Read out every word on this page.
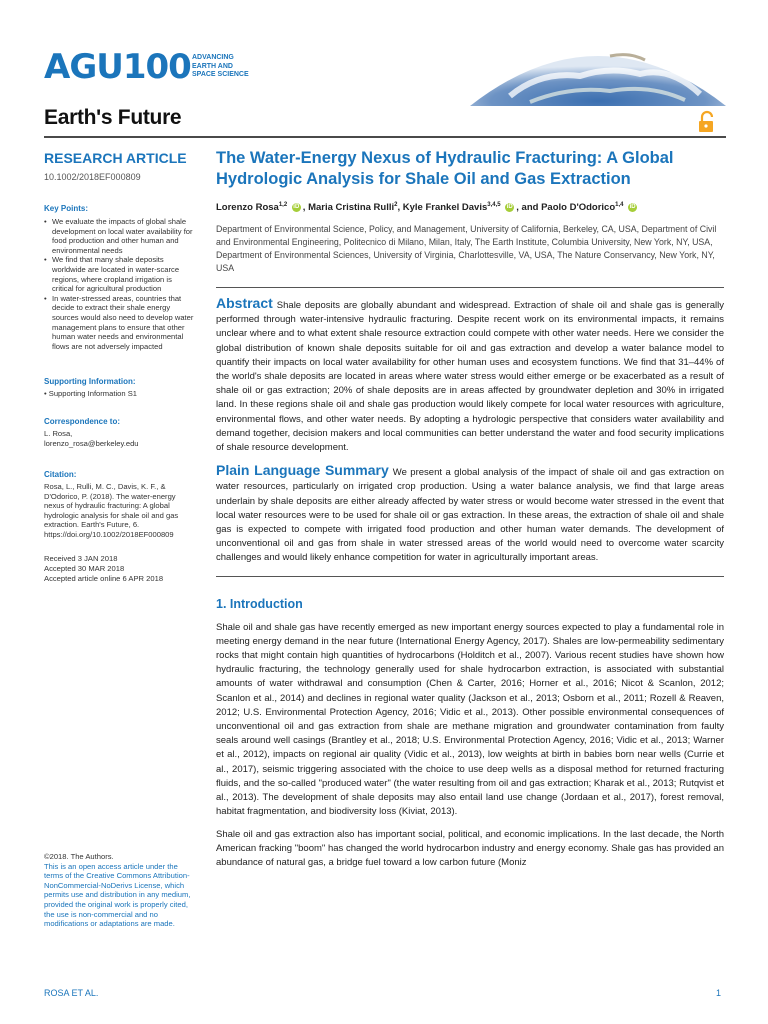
AGU100 ADVANCING
EARTH AND
SPACE SCIENCE
Earth's Future
RESEARCH ARTICLE
10.1002/2018EF000809
Key Points:
• We evaluate the impacts of global shale development on local water availability for food production and other human and environmental needs
• We find that many shale deposits worldwide are located in water-scarce regions, where cropland irrigation is critical for agricultural production
• In water-stressed areas, countries that decide to extract their shale energy sources would also need to develop water management plans to ensure that other human water needs and environmental flows are not adversely impacted
Supporting Information:
• Supporting Information S1
Correspondence to:
L. Rosa,
lorenzo_rosa@berkeley.edu
Citation:
Rosa, L., Rulli, M. C., Davis, K. F., & D'Odorico, P. (2018). The water-energy nexus of hydraulic fracturing: A global hydrologic analysis for shale oil and gas extraction. Earth's Future, 6. https://doi.org/10.1002/2018EF000809
Received 3 JAN 2018
Accepted 30 MAR 2018
Accepted article online 6 APR 2018
©2018. The Authors.
This is an open access article under the terms of the Creative Commons Attribution-NonCommercial-NoDerivs License, which permits use and distribution in any medium, provided the original work is properly cited, the use is non-commercial and no modifications or adaptations are made.
The Water-Energy Nexus of Hydraulic Fracturing: A Global Hydrologic Analysis for Shale Oil and Gas Extraction
Lorenzo Rosa$^{1,2}$ iD , Maria Cristina Rulli$^2$, Kyle Frankel Davis$^{3,4,5}$ iD , and Paolo D'Odorico$^{1,4}$ iD
Department of Environmental Science, Policy, and Management, University of California, Berkeley, CA, USA, Department of Civil and Environmental Engineering, Politecnico di Milano, Milan, Italy, The Earth Institute, Columbia University, New York, NY, USA, Department of Environmental Sciences, University of Virginia, Charlottesville, VA, USA, The Nature Conservancy, New York, NY, USA

Abstract Shale deposits are globally abundant and widespread. Extraction of shale oil and shale gas is generally performed through water-intensive hydraulic fracturing. Despite recent work on its environmental impacts, it remains unclear where and to what extent shale resource extraction could compete with other water needs. Here we consider the global distribution of known shale deposits suitable for oil and gas extraction and develop a water balance model to quantify their impacts on local water availability for other human uses and ecosystem functions. We find that 31–44% of the world's shale deposits are located in areas where water stress would either emerge or be exacerbated as a result of shale oil or gas extraction; 20% of shale deposits are in areas affected by groundwater depletion and 30% in irrigated land. In these regions shale oil and shale gas production would likely compete for local water resources with agriculture, environmental flows, and other water needs. By adopting a hydrologic perspective that considers water availability and demand together, decision makers and local communities can better understand the water and food security implications of shale resource development.

Plain Language Summary We present a global analysis of the impact of shale oil and gas extraction on water resources, particularly on irrigated crop production. Using a water balance analysis, we find that large areas underlain by shale deposits are either already affected by water stress or would become water stressed in the event that local water resources were to be used for shale oil or gas extraction. In these areas, the extraction of shale oil and shale gas is expected to compete with irrigated food production and other human water demands. The development of unconventional oil and gas from shale in water stressed areas of the world would need to overcome water scarcity challenges and would likely enhance competition for water in agriculturally important areas.

1. Introduction

Shale oil and shale gas have recently emerged as new important energy sources expected to play a fundamental role in meeting energy demand in the near future (International Energy Agency, 2017). Shales are low-permeability sedimentary rocks that might contain high quantities of hydrocarbons (Holditch et al., 2007). Various recent studies have shown how hydraulic fracturing, the technology generally used for shale hydrocarbon extraction, is associated with substantial amounts of water withdrawal and consumption (Chen & Carter, 2016; Horner et al., 2016; Nicot & Scanlon, 2012; Scanlon et al., 2014) and declines in regional water quality (Jackson et al., 2013; Osborn et al., 2011; Rozell & Reaven, 2012; U.S. Environmental Protection Agency, 2016; Vidic et al., 2013). Other possible environmental consequences of unconventional oil and gas extraction from shale are methane migration and groundwater contamination from faulty seals around well casings (Brantley et al., 2018; U.S. Environmental Protection Agency, 2016; Vidic et al., 2013; Warner et al., 2012), impacts on regional air quality (Vidic et al., 2013), low weights at birth in babies born near wells (Currie et al., 2017), seismic triggering associated with the choice to use deep wells as a disposal method for returned fracturing fluids, and the so-called "produced water" (the water resulting from oil and gas extraction; Kharak et al., 2013; Rutqvist et al., 2013). The development of shale deposits may also entail land use change (Jordaan et al., 2017), forest removal, habitat fragmentation, and biodiversity loss (Kiviat, 2013).

Shale oil and gas extraction also has important social, political, and economic implications. In the last decade, the North American fracking "boom" has changed the world hydrocarbon industry and energy economy. Shale gas has provided an abundance of natural gas, a bridge fuel toward a low carbon future (Moniz

ROSA ET AL.	1
